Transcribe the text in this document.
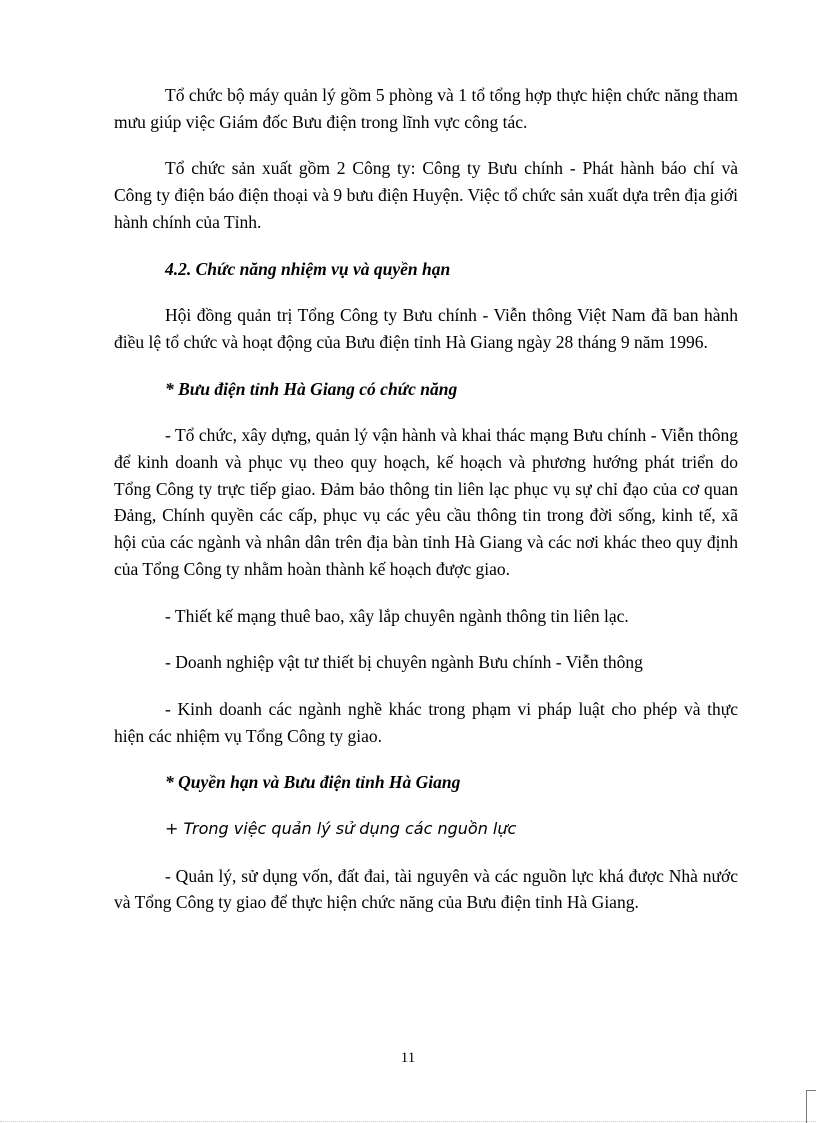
Tổ chức bộ máy quản lý gồm 5 phòng và 1 tổ tổng hợp thực hiện chức năng tham mưu giúp việc Giám đốc Bưu điện trong lĩnh vực công tác.

Tổ chức sản xuất gồm 2 Công ty: Công ty Bưu chính - Phát hành báo chí và Công ty điện báo điện thoại và 9 bưu điện Huyện. Việc tổ chức sản xuất dựa trên địa giới hành chính của Tỉnh.

4.2. Chức năng nhiệm vụ và quyền hạn

Hội đồng quản trị Tổng Công ty Bưu chính - Viễn thông Việt Nam đã ban hành điều lệ tổ chức và hoạt động của Bưu điện tỉnh Hà Giang ngày 28 tháng 9 năm 1996.

* Bưu điện tỉnh Hà Giang có chức năng

- Tổ chức, xây dựng, quản lý vận hành và khai thác mạng Bưu chính - Viễn thông để kinh doanh và phục vụ theo quy hoạch, kế hoạch và phương hướng phát triển do Tổng Công ty trực tiếp giao. Đảm bảo thông tin liên lạc phục vụ sự chỉ đạo của cơ quan Đảng, Chính quyền các cấp, phục vụ các yêu cầu thông tin trong đời sống, kinh tế, xã hội của các ngành và nhân dân trên địa bàn tỉnh Hà Giang và các nơi khác theo quy định của Tổng Công ty nhằm hoàn thành kế hoạch được giao.

- Thiết kế mạng thuê bao, xây lắp chuyên ngành thông tin liên lạc.

- Doanh nghiệp vật tư thiết bị chuyên ngành Bưu chính - Viễn thông

- Kinh doanh các ngành nghề khác trong phạm vi pháp luật cho phép và thực hiện các nhiệm vụ Tổng Công ty giao.

* Quyền hạn và Bưu điện tỉnh Hà Giang

+ Trong việc quản lý sử dụng các nguồn lực

- Quản lý, sử dụng vốn, đất đai, tài nguyên và các nguồn lực khá được Nhà nước và Tổng Công ty giao để thực hiện chức năng của Bưu điện tỉnh Hà Giang.

11
